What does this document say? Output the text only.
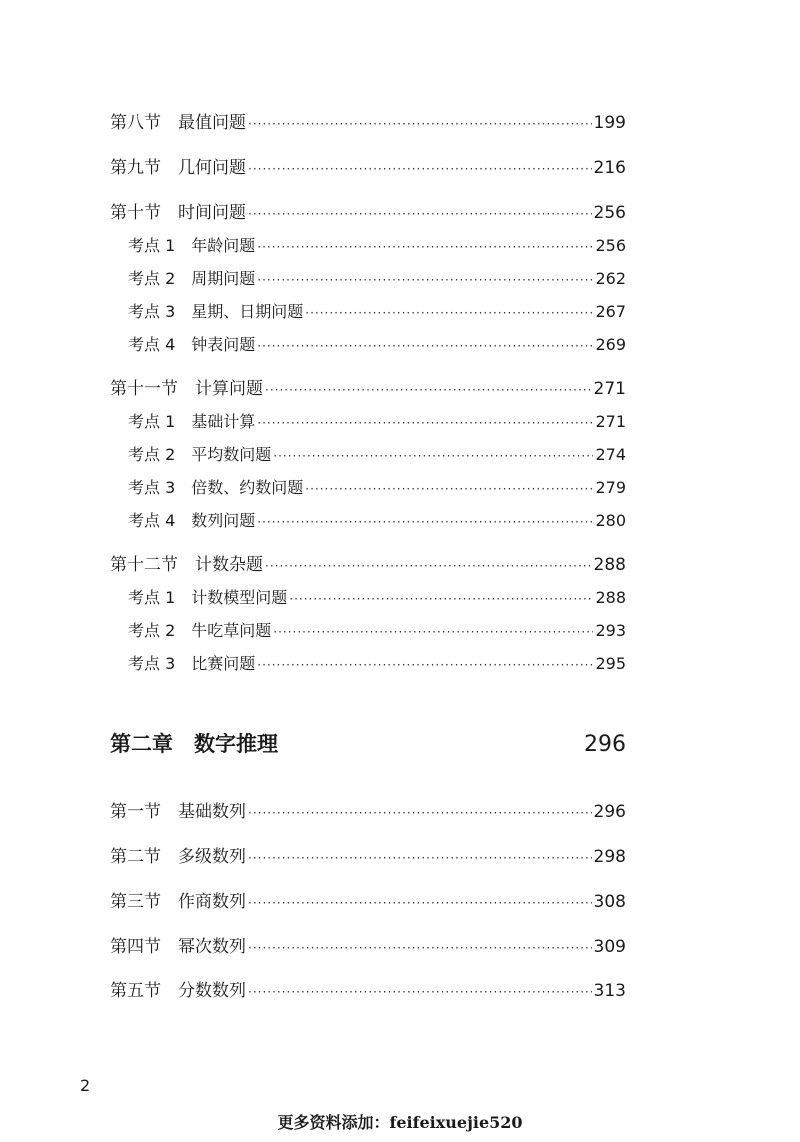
第八节　最值问题 ·····	199
第九节　几何问题 ·····	216
第十节　时间问题 ·····	256
考点 1　年龄问题 ·····	256
考点 2　周期问题 ·····	262
考点 3　星期、日期问题 ·····	267
考点 4　钟表问题 ·····	269
第十一节　计算问题 ·····	271
考点 1　基础计算 ·····	271
考点 2　平均数问题 ·····	274
考点 3　倍数、约数问题 ·····	279
考点 4　数列问题 ·····	280
第十二节　计数杂题 ·····	288
考点 1　计数模型问题 ·····	288
考点 2　牛吃草问题 ·····	293
考点 3　比赛问题 ·····	295
第二章　数字推理	296
第一节　基础数列 ·····	296
第二节　多级数列 ·····	298
第三节　作商数列 ·····	308
第四节　幂次数列 ·····	309
第五节　分数数列 ·····	313
2
更多资料添加：feifeixuejie520
